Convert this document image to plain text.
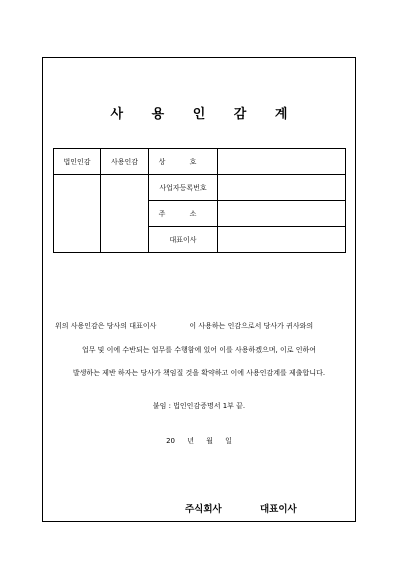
사 용 인 감 계
법인인감	사용인감	상 호	
		사업자등록번호	
		주 소	
		대표이사	
위의 사용인감은 당사의 대표이사	이 사용하는 인감으로서 당사가 귀사와의
업무 및 이에 수반되는 업무를 수행함에 있어 이를 사용하겠으며, 이로 인하여
발생하는 제반 하자는 당사가 책임질 것을 확약하고 이에 사용인감계를 제출합니다.
붙임 : 법인인감증명서 1부 끝.
20 년 월 일
주식회사	대표이사
